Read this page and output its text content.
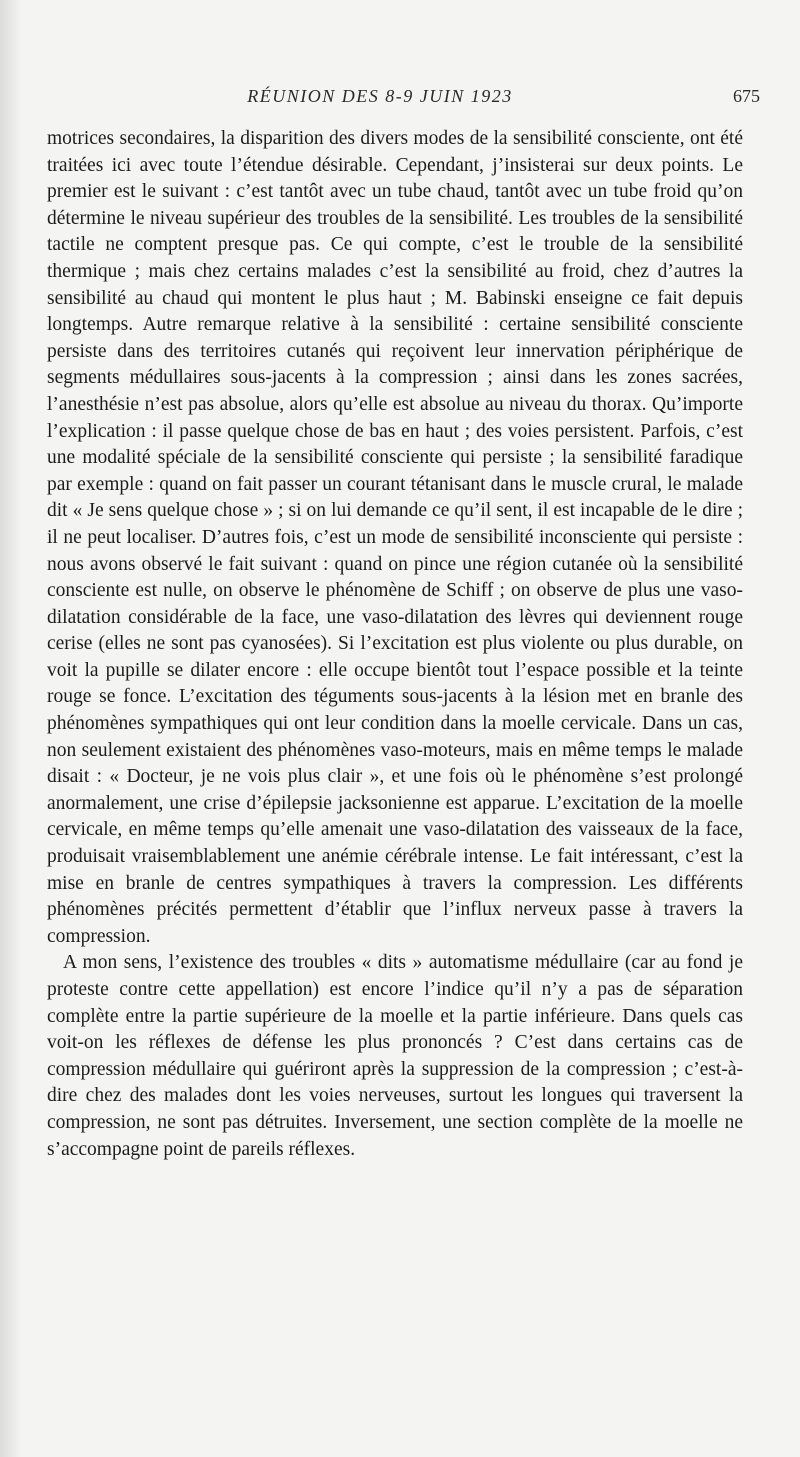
RÉUNION DES 8-9 JUIN 1923	675

motrices secondaires, la disparition des divers modes de la sensibilité consciente, ont été traitées ici avec toute l’étendue désirable. Cependant, j’insisterai sur deux points. Le premier est le suivant : c’est tantôt avec un tube chaud, tantôt avec un tube froid qu’on détermine le niveau supérieur des troubles de la sensibilité. Les troubles de la sensibilité tactile ne comptent presque pas. Ce qui compte, c’est le trouble de la sensibilité thermique ; mais chez certains malades c’est la sensibilité au froid, chez d’autres la sensibilité au chaud qui montent le plus haut ; M. Babinski enseigne ce fait depuis longtemps. Autre remarque relative à la sensibilité : certaine sensibilité consciente persiste dans des territoires cutanés qui reçoivent leur innervation périphérique de segments médullaires sous-jacents à la compression ; ainsi dans les zones sacrées, l’anesthésie n’est pas absolue, alors qu’elle est absolue au niveau du thorax. Qu’importe l’explication : il passe quelque chose de bas en haut ; des voies persistent. Parfois, c’est une modalité spéciale de la sensibilité consciente qui persiste ; la sensibilité faradique par exemple : quand on fait passer un courant tétanisant dans le muscle crural, le malade dit « Je sens quelque chose » ; si on lui demande ce qu’il sent, il est incapable de le dire ; il ne peut localiser. D’autres fois, c’est un mode de sensibilité inconsciente qui persiste : nous avons observé le fait suivant : quand on pince une région cutanée où la sensibilité consciente est nulle, on observe le phénomène de Schiff ; on observe de plus une vaso-dilatation considérable de la face, une vaso-dilatation des lèvres qui deviennent rouge cerise (elles ne sont pas cyanosées). Si l’excitation est plus violente ou plus durable, on voit la pupille se dilater encore : elle occupe bientôt tout l’espace possible et la teinte rouge se fonce. L’excitation des téguments sous-jacents à la lésion met en branle des phénomènes sympathiques qui ont leur condition dans la moelle cervicale. Dans un cas, non seulement existaient des phénomènes vaso-moteurs, mais en même temps le malade disait : « Docteur, je ne vois plus clair », et une fois où le phénomène s’est prolongé anormalement, une crise d’épilepsie jacksonienne est apparue. L’excitation de la moelle cervicale, en même temps qu’elle amenait une vaso-dilatation des vaisseaux de la face, produisait vraisemblablement une anémie cérébrale intense. Le fait intéressant, c’est la mise en branle de centres sympathiques à travers la compression. Les différents phénomènes précités permettent d’établir que l’influx nerveux passe à travers la compression.

A mon sens, l’existence des troubles « dits » automatisme médullaire (car au fond je proteste contre cette appellation) est encore l’indice qu’il n’y a pas de séparation complète entre la partie supérieure de la moelle et la partie inférieure. Dans quels cas voit-on les réflexes de défense les plus prononcés ? C’est dans certains cas de compression médullaire qui guériront après la suppression de la compression ; c’est-à-dire chez des malades dont les voies nerveuses, surtout les longues qui traversent la compression, ne sont pas détruites. Inversement, une section complète de la moelle ne s’accompagne point de pareils réflexes.
